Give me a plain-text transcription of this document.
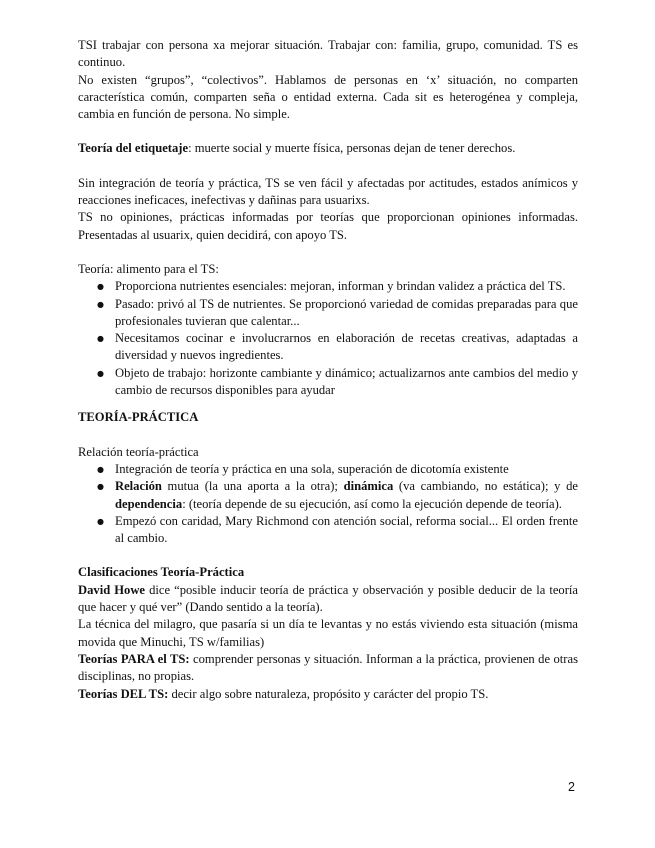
TSI trabajar con persona xa mejorar situación. Trabajar con: familia, grupo, comunidad. TS es continuo.

No existen “grupos”, “colectivos”. Hablamos de personas en ‘x’ situación, no comparten característica común, comparten seña o entidad externa. Cada sit es heterogénea y compleja, cambia en función de persona. No simple.

Teoría del etiquetaje: muerte social y muerte física, personas dejan de tener derechos.

Sin integración de teoría y práctica, TS se ven fácil y afectadas por actitudes, estados anímicos y reacciones ineficaces, inefectivas y dañinas para usuarixs.

TS no opiniones, prácticas informadas por teorías que proporcionan opiniones informadas. Presentadas al usuarix, quien decidirá, con apoyo TS.

Teoría: alimento para el TS:

● Proporciona nutrientes esenciales: mejoran, informan y brindan validez a práctica del TS.
● Pasado: privó al TS de nutrientes. Se proporcionó variedad de comidas preparadas para que profesionales tuvieran que calentar...
● Necesitamos cocinar e involucrarnos en elaboración de recetas creativas, adaptadas a diversidad y nuevos ingredientes.
● Objeto de trabajo: horizonte cambiante y dinámico; actualizarnos ante cambios del medio y cambio de recursos disponibles para ayudar

TEORÍA-PRÁCTICA

Relación teoría-práctica

● Integración de teoría y práctica en una sola, superación de dicotomía existente
● Relación mutua (la una aporta a la otra); dinámica (va cambiando, no estática); y de dependencia: (teoría depende de su ejecución, así como la ejecución depende de teoría).
● Empezó con caridad, Mary Richmond con atención social, reforma social... El orden frente al cambio.

Clasificaciones Teoría-Práctica

David Howe dice “posible inducir teoría de práctica y observación y posible deducir de la teoría que hacer y qué ver” (Dando sentido a la teoría).

La técnica del milagro, que pasaría si un día te levantas y no estás viviendo esta situación (misma movida que Minuchi, TS w/familias)

Teorías PARA el TS: comprender personas y situación. Informan a la práctica, provienen de otras disciplinas, no propias.

Teorías DEL TS: decir algo sobre naturaleza, propósito y carácter del propio TS.

2
